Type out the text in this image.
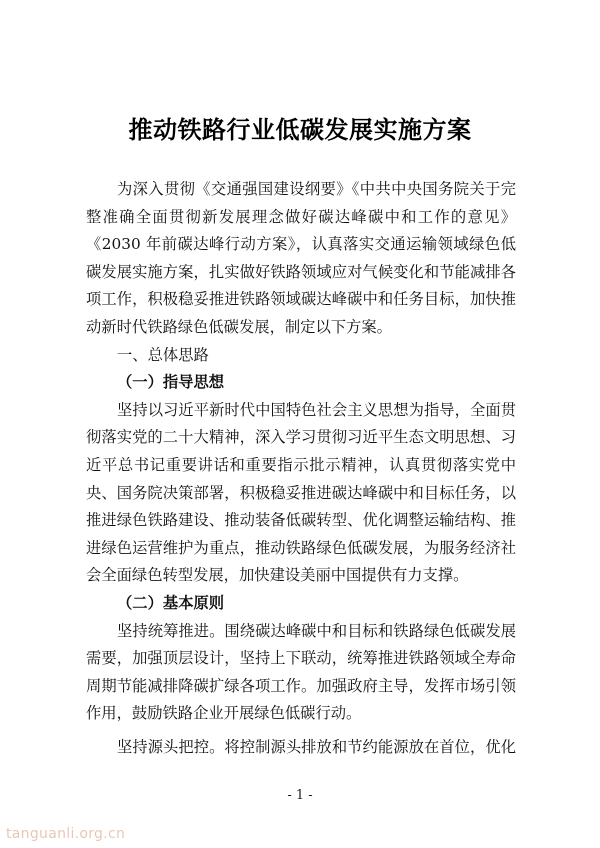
推动铁路行业低碳发展实施方案
为深入贯彻《交通强国建设纲要》《中共中央国务院关于完
整准确全面贯彻新发展理念做好碳达峰碳中和工作的意见》
《2030 年前碳达峰行动方案》，认真落实交通运输领域绿色低
碳发展实施方案，扎实做好铁路领域应对气候变化和节能减排各
项工作，积极稳妥推进铁路领域碳达峰碳中和任务目标，加快推
动新时代铁路绿色低碳发展，制定以下方案。
一、总体思路
（一）指导思想
坚持以习近平新时代中国特色社会主义思想为指导，全面贯
彻落实党的二十大精神，深入学习贯彻习近平生态文明思想、习
近平总书记重要讲话和重要指示批示精神，认真贯彻落实党中
央、国务院决策部署，积极稳妥推进碳达峰碳中和目标任务，以
推进绿色铁路建设、推动装备低碳转型、优化调整运输结构、推
进绿色运营维护为重点，推动铁路绿色低碳发展，为服务经济社
会全面绿色转型发展，加快建设美丽中国提供有力支撑。
（二）基本原则
坚持统筹推进。围绕碳达峰碳中和目标和铁路绿色低碳发展
需要，加强顶层设计，坚持上下联动，统筹推进铁路领域全寿命
周期节能减排降碳扩绿各项工作。加强政府主导，发挥市场引领
作用，鼓励铁路企业开展绿色低碳行动。
坚持源头把控。将控制源头排放和节约能源放在首位，优化
- 1 -
tanguanli.org.cn
